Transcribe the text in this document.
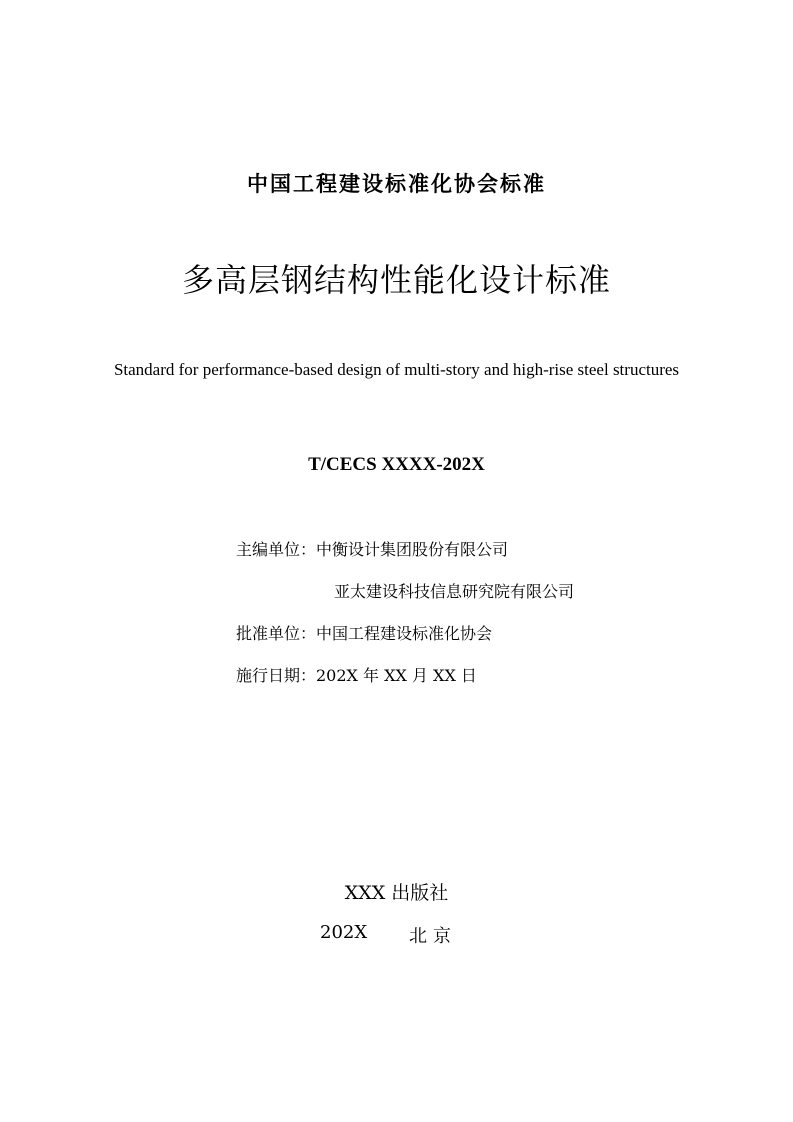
中国工程建设标准化协会标准
多高层钢结构性能化设计标准
Standard for performance-based design of multi-story and high-rise steel structures
T/CECS XXXX-202X
主编单位： 中衡设计集团股份有限公司
亚太建设科技信息研究院有限公司
批准单位： 中国工程建设标准化协会
施行日期： 202X 年 XX 月 XX 日
XXX 出版社
202X 北京
